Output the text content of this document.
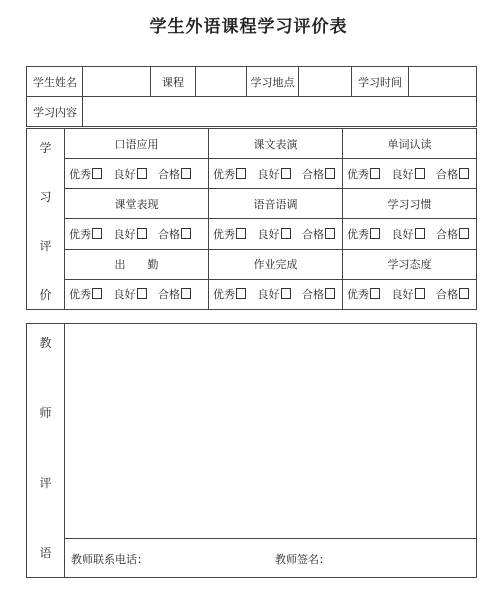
学生外语课程学习评价表
学生姓名		课程		学习地点		学习时间	
学习内容							
学
习
评
价	口语应用	课文表演	单词认读
	优秀 良好 合格	优秀 良好 合格	优秀 良好 合格
	课堂表现	语音语调	学习习惯
	优秀 良好 合格	优秀 良好 合格	优秀 良好 合格
	出　　勤	作业完成	学习态度
	优秀 良好 合格	优秀 良好 合格	优秀 良好 合格
教
师
评
语

教师联系电话：	教师签名：
